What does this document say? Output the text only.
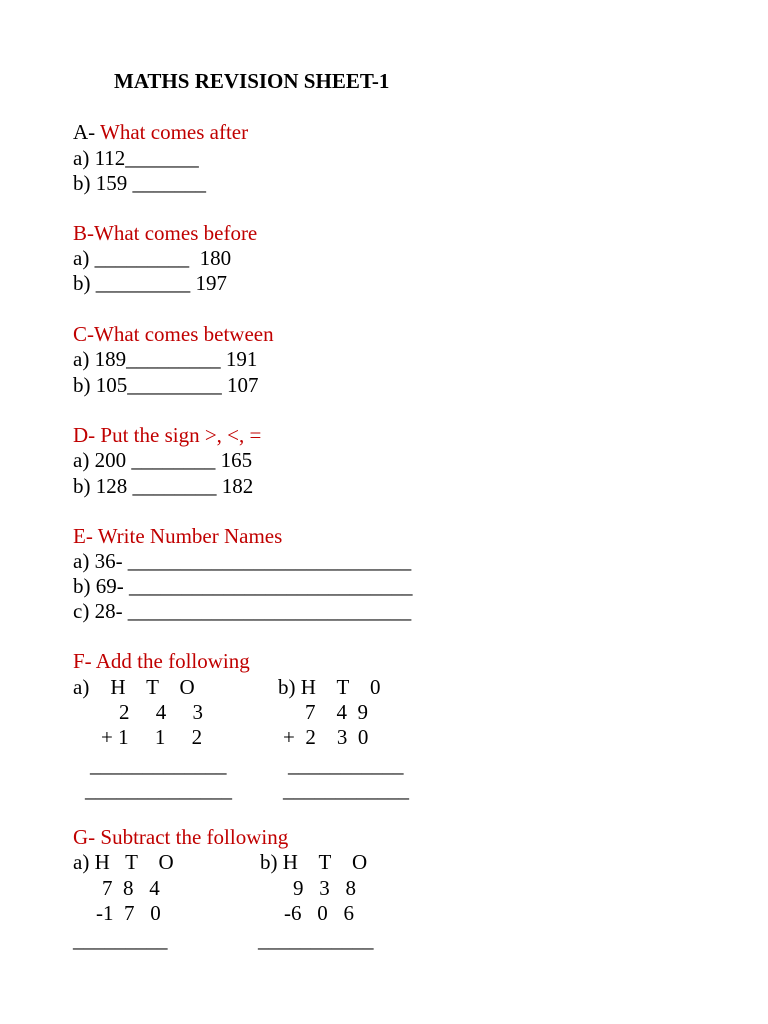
MATHS REVISION SHEET-1
A- What comes after
a) 112_______
b) 159 _______
B-What comes before
a) _________  180
b) _________ 197
C-What comes between
a) 189_________ 191
b) 105_________ 107
D- Put the sign >, <, =
a) 200 ________ 165
b) 128 ________ 182
E- Write Number Names
a) 36- ___________________________
b) 69- ___________________________
c) 28- ___________________________
F- Add the following
a)    H    T    O
2     4     3
+ 1     1     2
_____________
______________
b) H    T    0
7    4  9
+  2    3  0
___________
____________
G- Subtract the following
a) H   T    O
7  8   4
-1  7   0
_________
b) H    T    O
9   3   8
-6   0   6
___________
